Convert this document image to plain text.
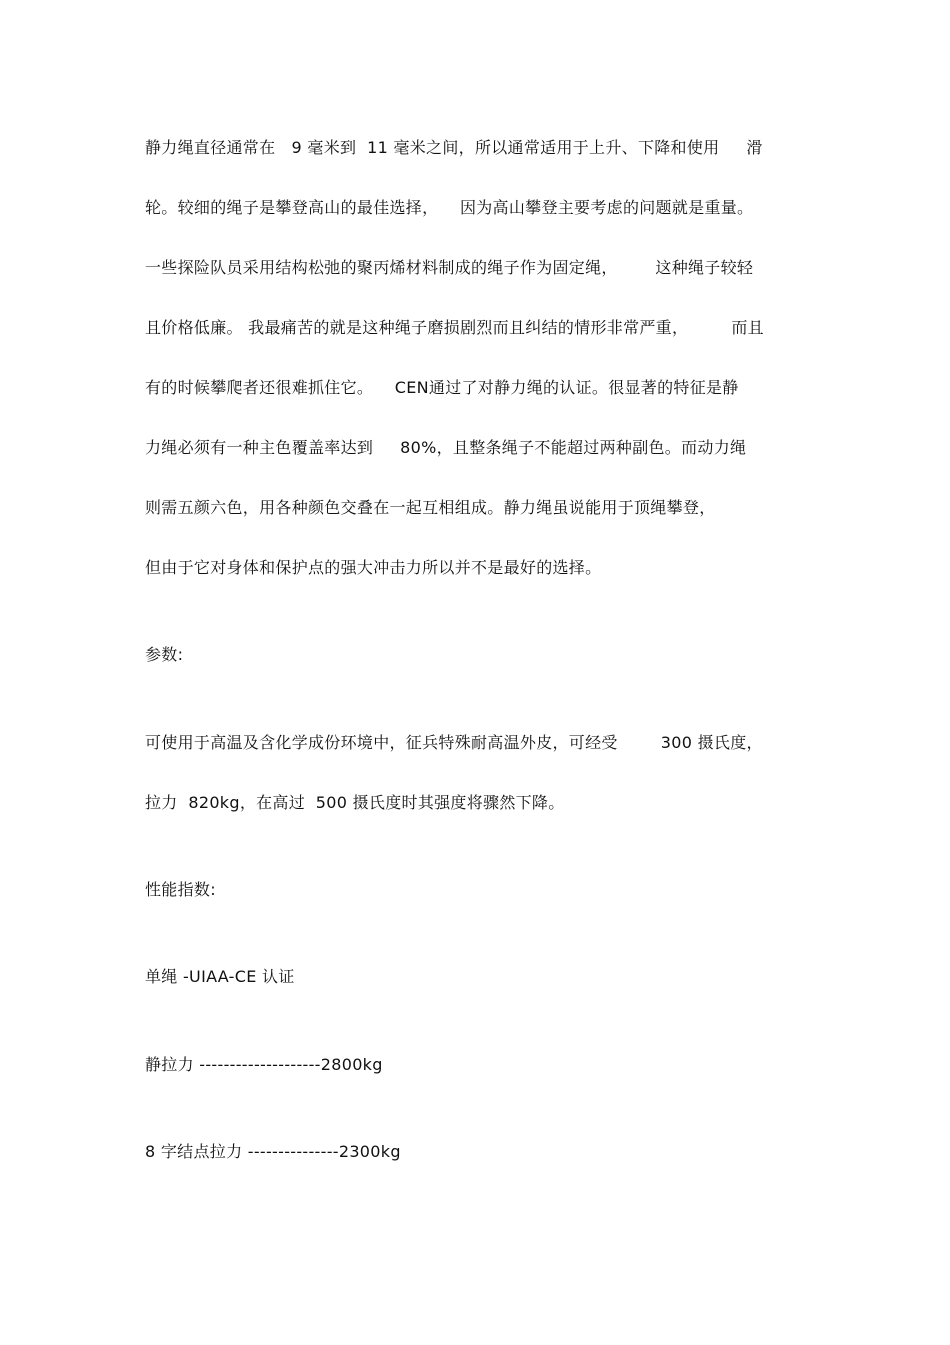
静力绳直径通常在   9 毫米到  11 毫米之间，所以通常适用于上升、下降和使用     滑
轮。较细的绳子是攀登高山的最佳选择，    因为高山攀登主要考虑的问题就是重量。
一些探险队员采用结构松弛的聚丙烯材料制成的绳子作为固定绳，       这种绳子较轻
且价格低廉。 我最痛苦的就是这种绳子磨损剧烈而且纠结的情形非常严重，        而且
有的时候攀爬者还很难抓住它。    CEN通过了对静力绳的认证。很显著的特征是静
力绳必须有一种主色覆盖率达到     80%，且整条绳子不能超过两种副色。而动力绳
则需五颜六色，用各种颜色交叠在一起互相组成。静力绳虽说能用于顶绳攀登，
但由于它对身体和保护点的强大冲击力所以并不是最好的选择。
参数:
可使用于高温及含化学成份环境中，征兵特殊耐高温外皮，可经受        300 摄氏度，
拉力  820kg，在高过  500 摄氏度时其强度将骤然下降。
性能指数:
单绳 -UIAA-CE 认证
静拉力 --------------------2800kg
8 字结点拉力 ---------------2300kg
